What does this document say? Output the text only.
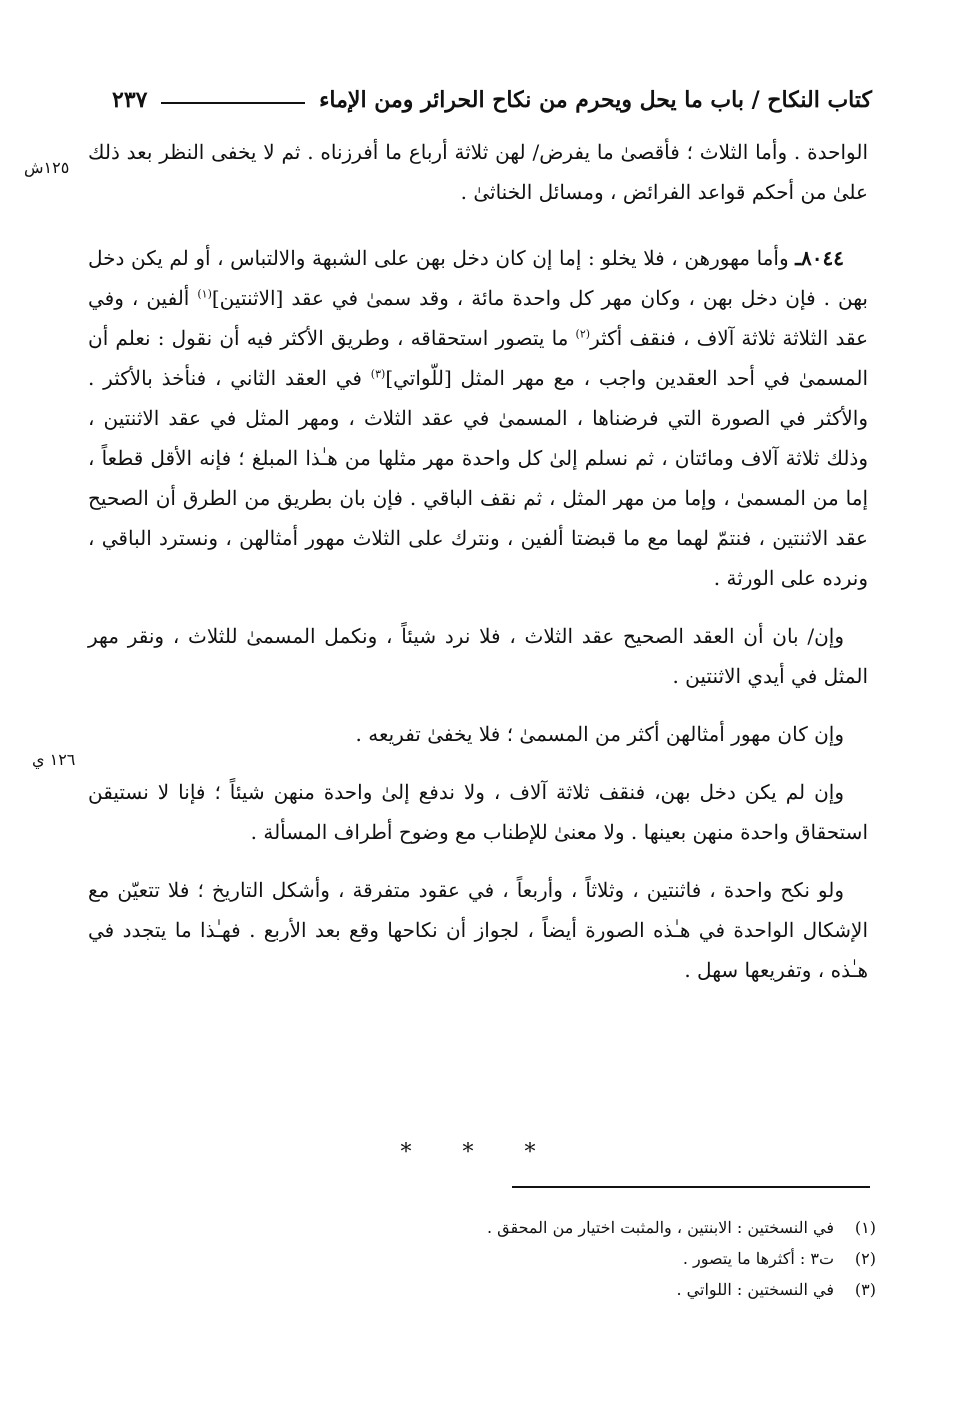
كتاب النكاح / باب ما يحل ويحرم من نكاح الحرائر ومن الإماء
٢٣٧
١٢٥ش
١٢٦ ي

الواحدة . وأما الثلاث ؛ فأقصىٰ ما يفرض/ لهن ثلاثة أرباع ما أفرزناه . ثم لا يخفى النظر بعد ذلك علىٰ من أحكم قواعد الفرائض ، ومسائل الخناثىٰ .

٨٠٤٤ـ وأما مهورهن ، فلا يخلو : إما إن كان دخل بهن على الشبهة والالتباس ، أو لم يكن دخل بهن . فإن دخل بهن ، وكان مهر كل واحدة مائة ، وقد سمىٰ في عقد [الاثنتين]$^{(١)}$ ألفين ، وفي عقد الثلاثة ثلاثة آلاف ، فنقف أكثر$^{(٢)}$ ما يتصور استحقاقه ، وطريق الأكثر فيه أن نقول : نعلم أن المسمىٰ في أحد العقدين واجب ، مع مهر المثل [للّواتي]$^{(٣)}$ في العقد الثاني ، فنأخذ بالأكثر . والأكثر في الصورة التي فرضناها ، المسمىٰ في عقد الثلاث ، ومهر المثل في عقد الاثنتين ، وذلك ثلاثة آلاف ومائتان ، ثم نسلم إلىٰ كل واحدة مهر مثلها من هـٰذا المبلغ ؛ فإنه الأقل قطعاً ، إما من المسمىٰ ، وإما من مهر المثل ، ثم نقف الباقي . فإن بان بطريق من الطرق أن الصحيح عقد الاثنتين ، فنتمّ لهما مع ما قبضتا ألفين ، ونترك على الثلاث مهور أمثالهن ، ونسترد الباقي ، ونرده على الورثة .

وإن/ بان أن العقد الصحيح عقد الثلاث ، فلا نرد شيئاً ، ونكمل المسمىٰ للثلاث ، ونقر مهر المثل في أيدي الاثنتين .

وإن كان مهور أمثالهن أكثر من المسمىٰ ؛ فلا يخفىٰ تفريعه .

وإن لم يكن دخل بهن، فنقف ثلاثة آلاف ، ولا ندفع إلىٰ واحدة منهن شيئاً ؛ فإنا لا نستيقن استحقاق واحدة منهن بعينها . ولا معنىٰ للإطناب مع وضوح أطراف المسألة .

ولو نكح واحدة ، فاثنتين ، وثلاثاً ، وأربعاً ، في عقود متفرقة ، وأشكل التاريخ ؛ فلا تتعيّن مع الإشكال الواحدة في هـٰذه الصورة أيضاً ، لجواز أن نكاحها وقع بعد الأربع . فهـٰذا ما يتجدد في هـٰذه ، وتفريعها سهل .

* * *
(١)
في النسختين : الابنتين ، والمثبت اختيار من المحقق .
(٢)
ت٣ : أكثرها ما يتصور .
(٣)
في النسختين : اللواتي .
